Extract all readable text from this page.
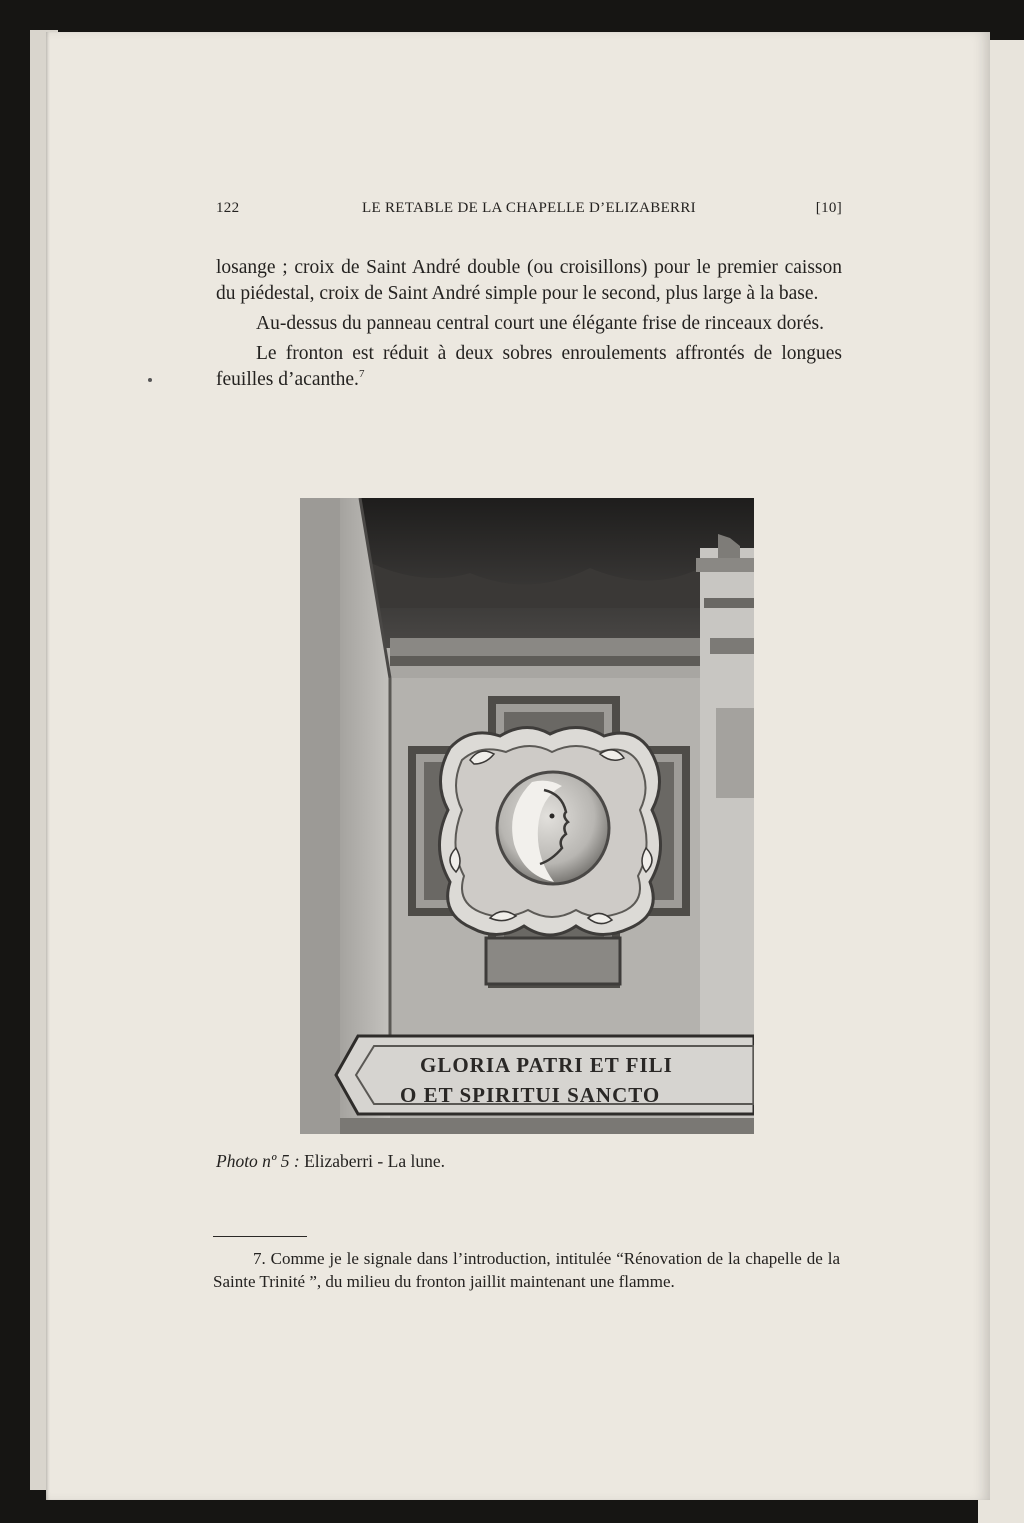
122	LE RETABLE DE LA CHAPELLE D’ELIZABERRI	[10]

losange ; croix de Saint André double (ou croisillons) pour le premier caisson du piédestal, croix de Saint André simple pour le second, plus large à la base.

Au-dessus du panneau central court une élégante frise de rinceaux dorés.

Le fronton est réduit à deux sobres enroulements affrontés de longues feuilles d’acanthe.$^7$

GLORIA PATRI ET FILI
O ET SPIRITUI SANCTO
Photo nº 5 : Elizaberri - La lune.
7. Comme je le signale dans l’introduction, intitulée “Rénovation de la chapelle de la Sainte Trinité ”, du milieu du fronton jaillit maintenant une flamme.
